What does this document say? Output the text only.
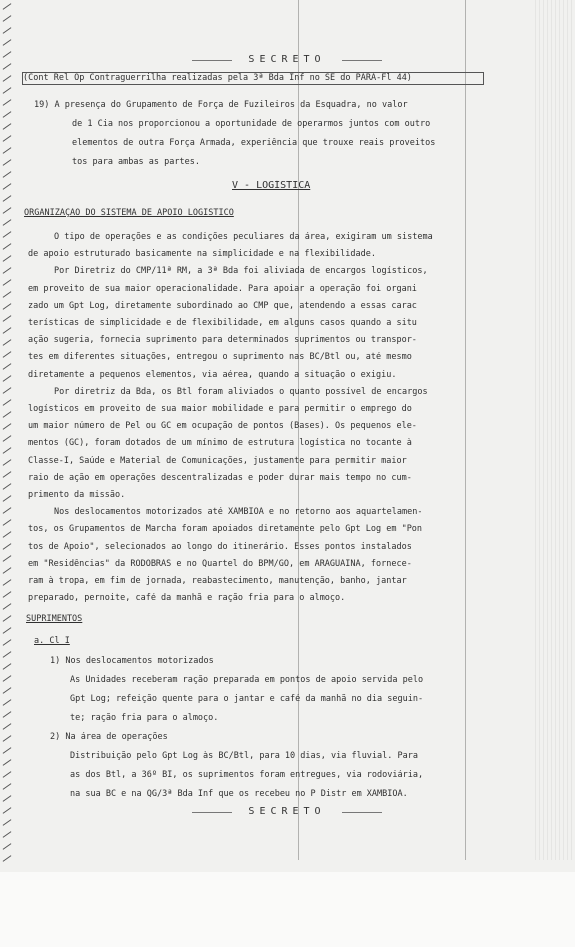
SECRETO
(Cont Rel Op Contraguerrilha realizadas pela 3ª Bda Inf no SE do PARÁ-Fl 44)
19) A presença do Grupamento de Força de Fuzileiros da Esquadra, no valor
de 1 Cia nos proporcionou a oportunidade de operarmos juntos com outro
elementos de outra Força Armada, experiência que trouxe reais proveitos
tos para ambas as partes.
V - LOGÍSTICA
ORGANIZAÇÃO DO SISTEMA DE APOIO LOGÍSTICO
O tipo de operações e as condições peculiares da área, exigiram um sistema
de apoio estruturado basicamente na simplicidade e na flexibilidade.
Por Diretriz do CMP/11ª RM, a 3ª Bda foi aliviada de encargos logísticos,
em proveito de sua maior operacionalidade. Para apoiar a operação foi organi
zado um Gpt Log, diretamente subordinado ao CMP que, atendendo a essas carac
terísticas de simplicidade e de flexibilidade, em alguns casos quando a situ
ação sugeria, fornecia suprimento para determinados suprimentos ou transpor-
tes em diferentes situações, entregou o suprimento nas BC/Btl ou, até mesmo
diretamente a pequenos elementos, via aérea, quando a situação o exigiu.
Por diretriz da Bda, os Btl foram aliviados o quanto possível de encargos
logísticos em proveito de sua maior mobilidade e para permitir o emprego do
um maior número de Pel ou GC em ocupação de pontos (Bases). Os pequenos ele-
mentos (GC), foram dotados de um mínimo de estrutura logística no tocante à
Classe-I, Saúde e Material de Comunicações, justamente para permitir maior
raio de ação em operações descentralizadas e poder durar mais tempo no cum-
primento da missão.
Nos deslocamentos motorizados até XAMBIOÁ e no retorno aos aquartelamen-
tos, os Grupamentos de Marcha foram apoiados diretamente pelo Gpt Log em "Pon
tos de Apoio", selecionados ao longo do itinerário. Esses pontos instalados
em "Residências" da RODOBRÁS e no Quartel do BPM/GO, em ARAGUAÍNA, fornece-
ram à tropa, em fim de jornada, reabastecimento, manutenção, banho, jantar
preparado, pernoite, café da manhã e ração fria para o almoço.
SUPRIMENTOS
a. Cl I
1) Nos deslocamentos motorizados
As Unidades receberam ração preparada em pontos de apoio servida pelo
Gpt Log; refeição quente para o jantar e café da manhã no dia seguin-
te; ração fria para o almoço.
2) Na área de operações
Distribuição pelo Gpt Log às BC/Btl, para 10 dias, via fluvial. Para
as dos Btl, a 36º BI, os suprimentos foram entregues, via rodoviária,
na sua BC e na QG/3ª Bda Inf que os recebeu no P Distr em XAMBIOÁ.
SECRETO
